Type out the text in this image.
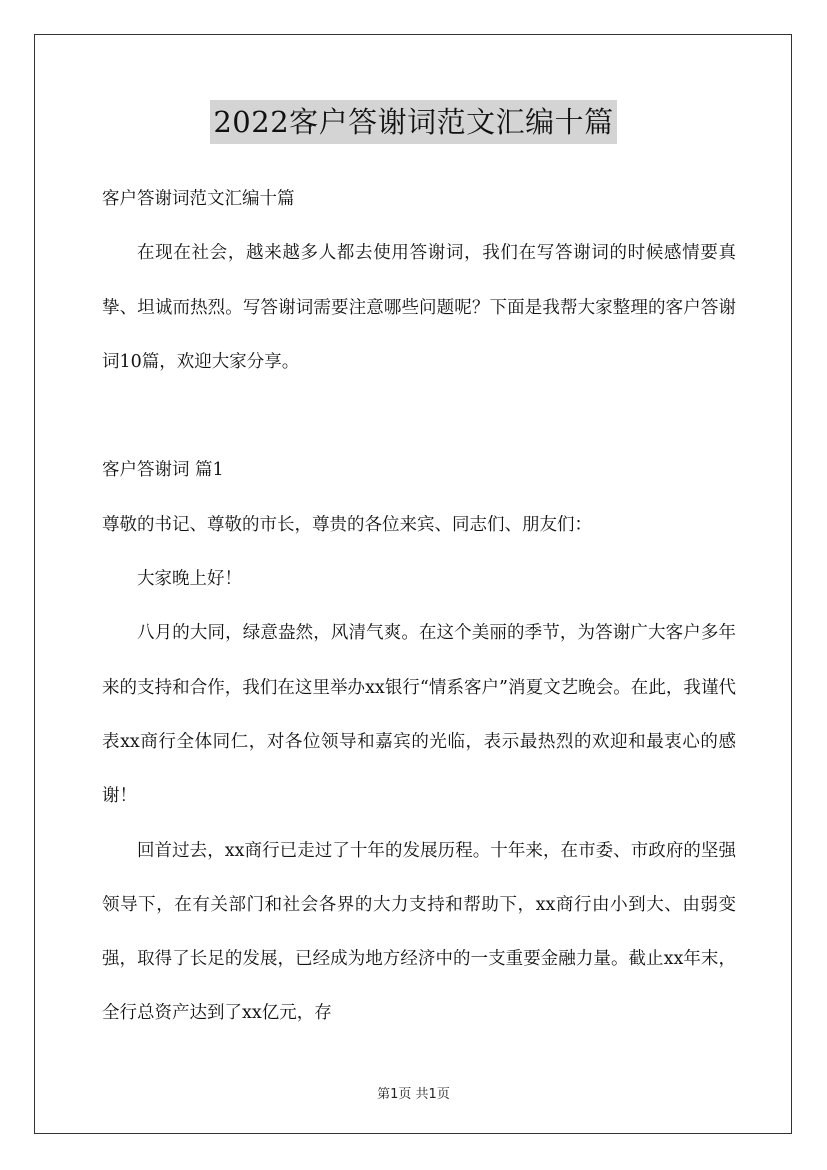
2022客户答谢词范文汇编十篇

客户答谢词范文汇编十篇

在现在社会，越来越多人都去使用答谢词，我们在写答谢词的时候感情要真挚、坦诚而热烈。写答谢词需要注意哪些问题呢？下面是我帮大家整理的客户答谢词10篇，欢迎大家分享。

客户答谢词 篇1

尊敬的书记、尊敬的市长，尊贵的各位来宾、同志们、朋友们：

大家晚上好！

八月的大同，绿意盎然，风清气爽。在这个美丽的季节，为答谢广大客户多年来的支持和合作，我们在这里举办xx银行“情系客户”消夏文艺晚会。在此，我谨代表xx商行全体同仁，对各位领导和嘉宾的光临，表示最热烈的欢迎和最衷心的感谢！

回首过去，xx商行已走过了十年的发展历程。十年来，在市委、市政府的坚强领导下，在有关部门和社会各界的大力支持和帮助下，xx商行由小到大、由弱变强，取得了长足的发展，已经成为地方经济中的一支重要金融力量。截止xx年末，全行总资产达到了xx亿元，存

第1页 共1页
